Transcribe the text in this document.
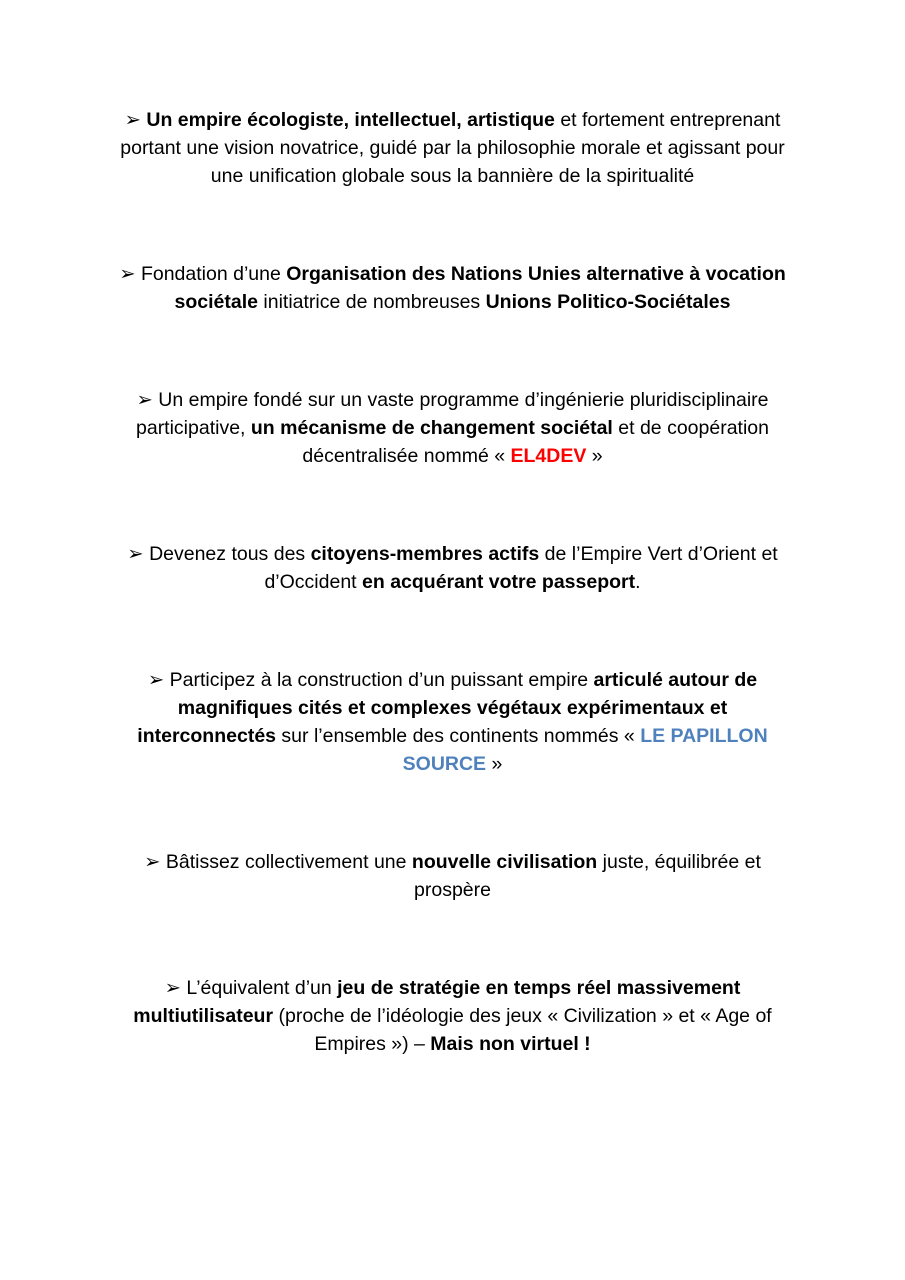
➢ Un empire écologiste, intellectuel, artistique et fortement entreprenant
portant une vision novatrice, guidé par la philosophie morale et agissant pour
une unification globale sous la bannière de la spiritualité
➢ Fondation d’une Organisation des Nations Unies alternative à vocation
sociétale initiatrice de nombreuses Unions Politico-Sociétales
➢ Un empire fondé sur un vaste programme d’ingénierie pluridisciplinaire
participative, un mécanisme de changement sociétal et de coopération
décentralisée nommé « EL4DEV »
➢ Devenez tous des citoyens-membres actifs de l’Empire Vert d’Orient et
d’Occident en acquérant votre passeport.
➢ Participez à la construction d’un puissant empire articulé autour de
magnifiques cités et complexes végétaux expérimentaux et
interconnectés sur l’ensemble des continents nommés « LE PAPILLON
SOURCE »
➢ Bâtissez collectivement une nouvelle civilisation juste, équilibrée et
prospère
➢ L’équivalent d’un jeu de stratégie en temps réel massivement
multiutilisateur (proche de l’idéologie des jeux « Civilization » et « Age of
Empires ») – Mais non virtuel !
